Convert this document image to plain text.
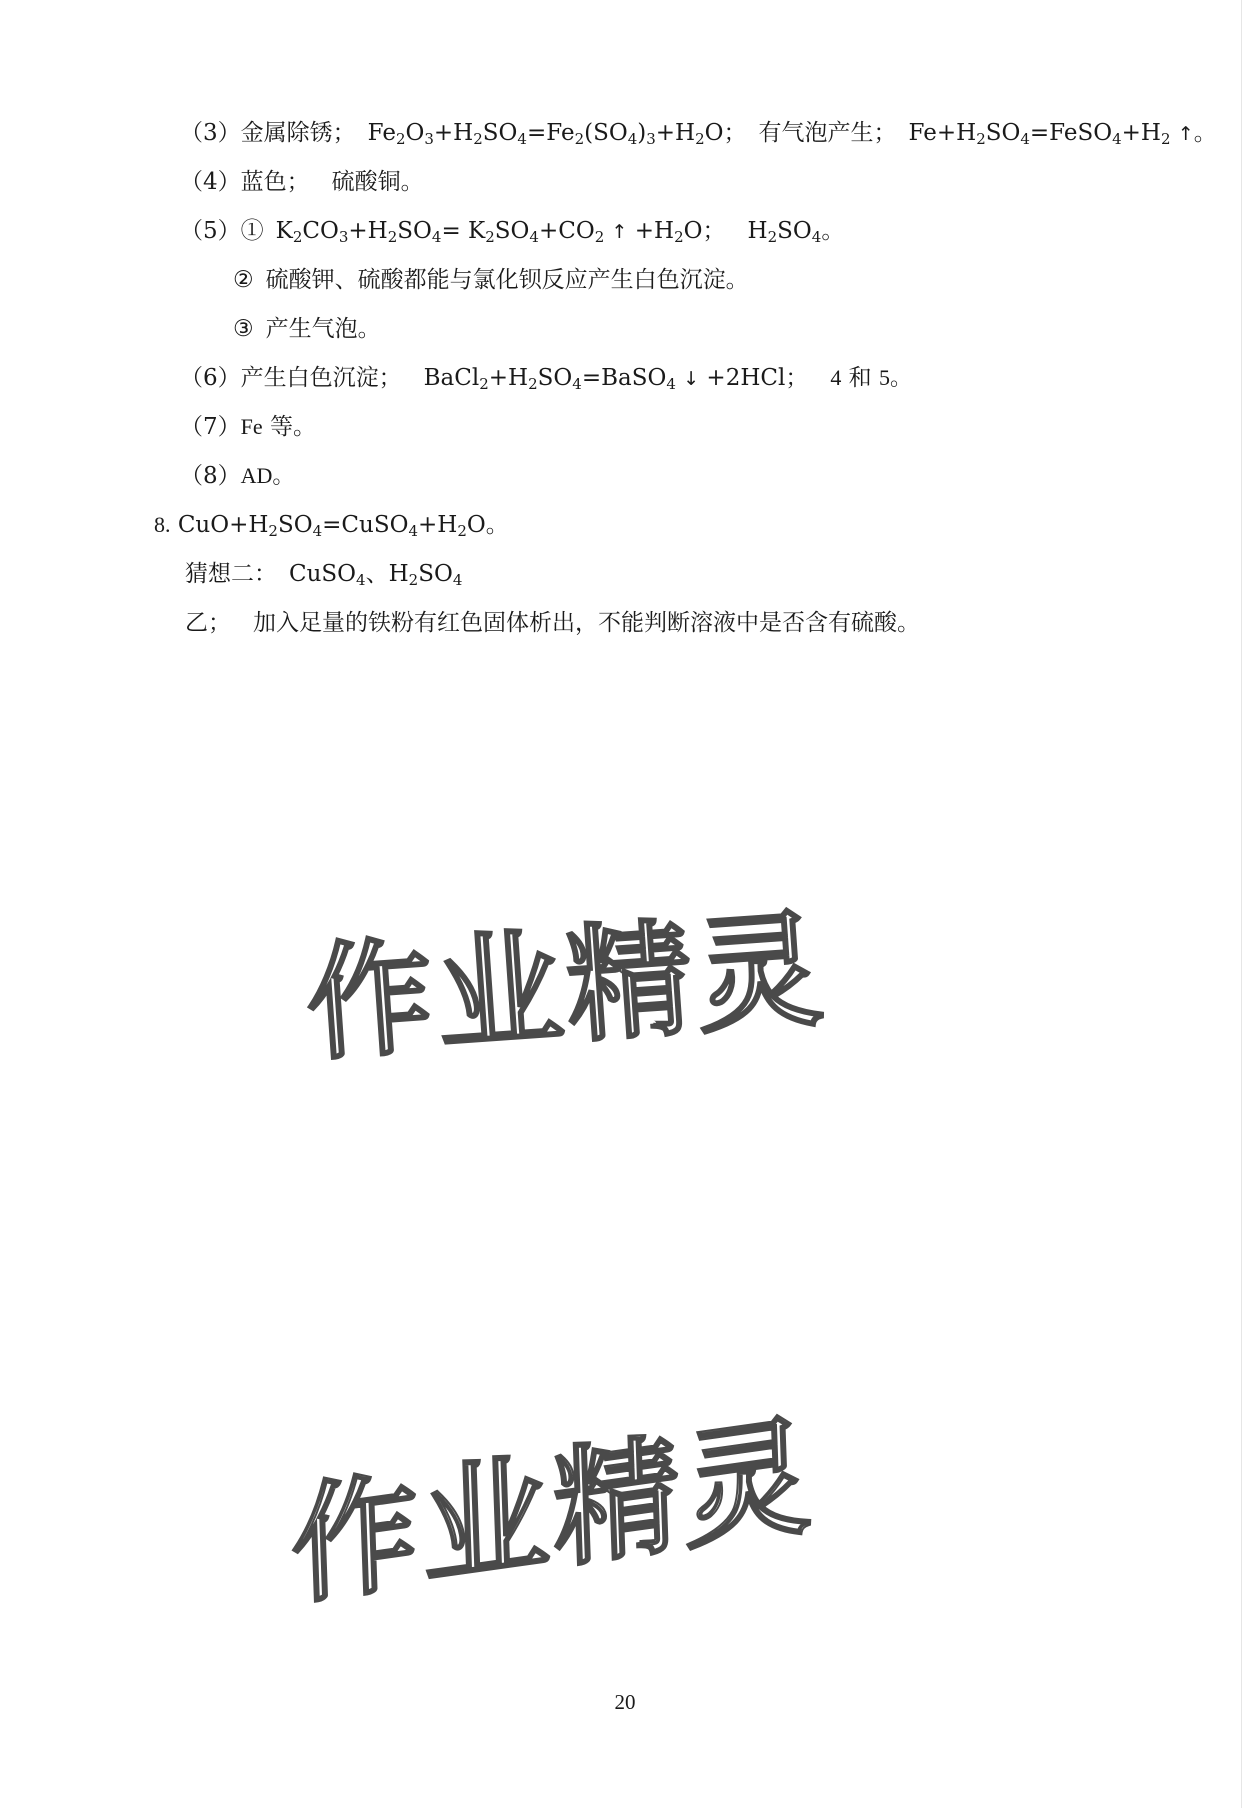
（3）金属除锈； $Fe_2O_3+H_2SO_4=Fe_2(SO_4)_3+H_2O$； 有气泡产生； $Fe+H_2SO_4=FeSO_4+H_2$ ↑。
（4）蓝色； 硫酸铜。
（5）① $K_2CO_3+H_2SO_4= K_2SO_4+CO_2$ ↑ $+H_2O$； $H_2SO_4$。
② 硫酸钾、硫酸都能与氯化钡反应产生白色沉淀。
③ 产生气泡。
（6）产生白色沉淀； $BaCl_2+H_2SO_4=BaSO_4$ ↓ +2HCl； 4 和 5。
（7）Fe 等。
（8）AD。
8. $CuO+H_2SO_4=CuSO_4+H_2O$。
猜想二： CuSO$_4$、$H_2SO_4$
乙； 加入足量的铁粉有红色固体析出，不能判断溶液中是否含有硫酸。
作业精灵
作业精灵
20
